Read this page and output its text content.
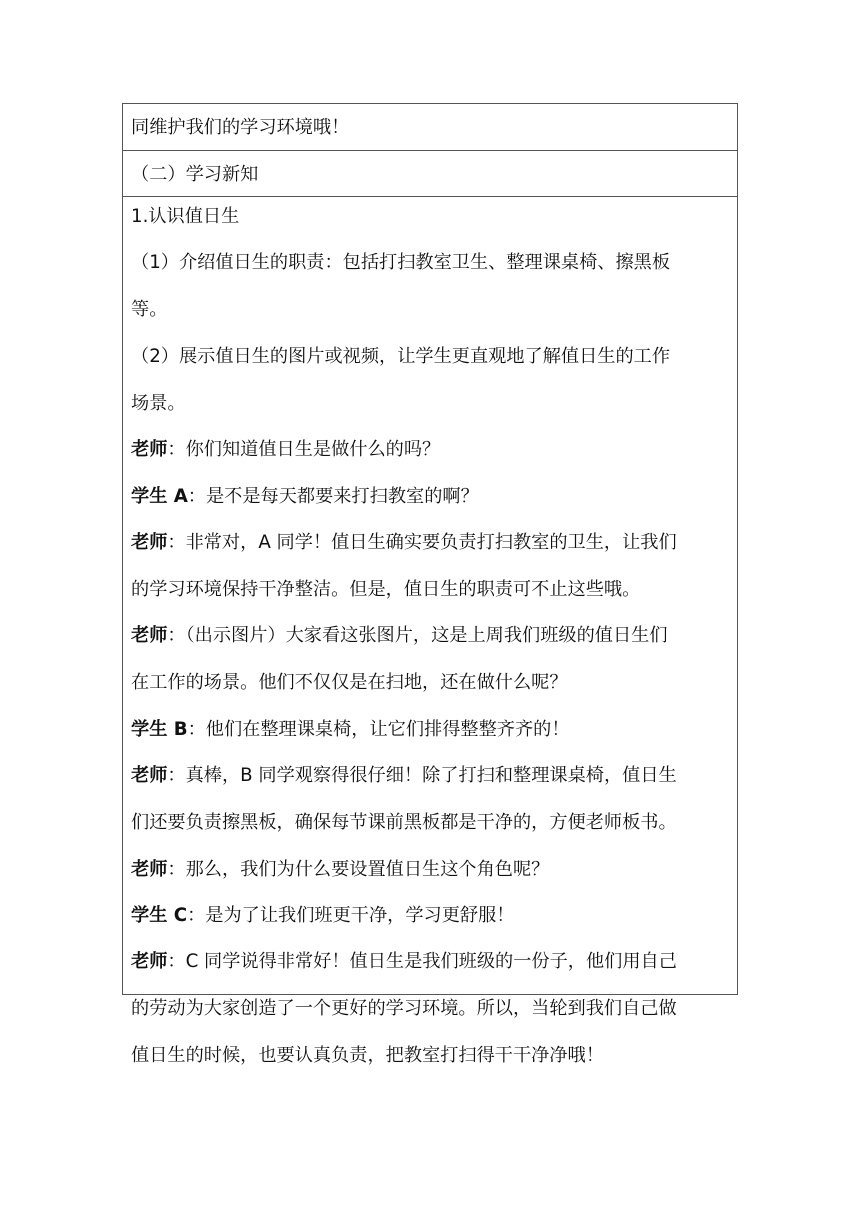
同维护我们的学习环境哦！
（二）学习新知
1.认识值日生
（1）介绍值日生的职责：包括打扫教室卫生、整理课桌椅、擦黑板
等。
（2）展示值日生的图片或视频，让学生更直观地了解值日生的工作
场景。
老师：你们知道值日生是做什么的吗？
学生 A：是不是每天都要来打扫教室的啊？
老师：非常对，A 同学！值日生确实要负责打扫教室的卫生，让我们
的学习环境保持干净整洁。但是，值日生的职责可不止这些哦。
老师：（出示图片）大家看这张图片，这是上周我们班级的值日生们
在工作的场景。他们不仅仅是在扫地，还在做什么呢？
学生 B：他们在整理课桌椅，让它们排得整整齐齐的！
老师：真棒，B 同学观察得很仔细！除了打扫和整理课桌椅，值日生
们还要负责擦黑板，确保每节课前黑板都是干净的，方便老师板书。
老师：那么，我们为什么要设置值日生这个角色呢？
学生 C：是为了让我们班更干净，学习更舒服！
老师：C 同学说得非常好！值日生是我们班级的一份子，他们用自己
的劳动为大家创造了一个更好的学习环境。所以，当轮到我们自己做
值日生的时候，也要认真负责，把教室打扫得干干净净哦！
